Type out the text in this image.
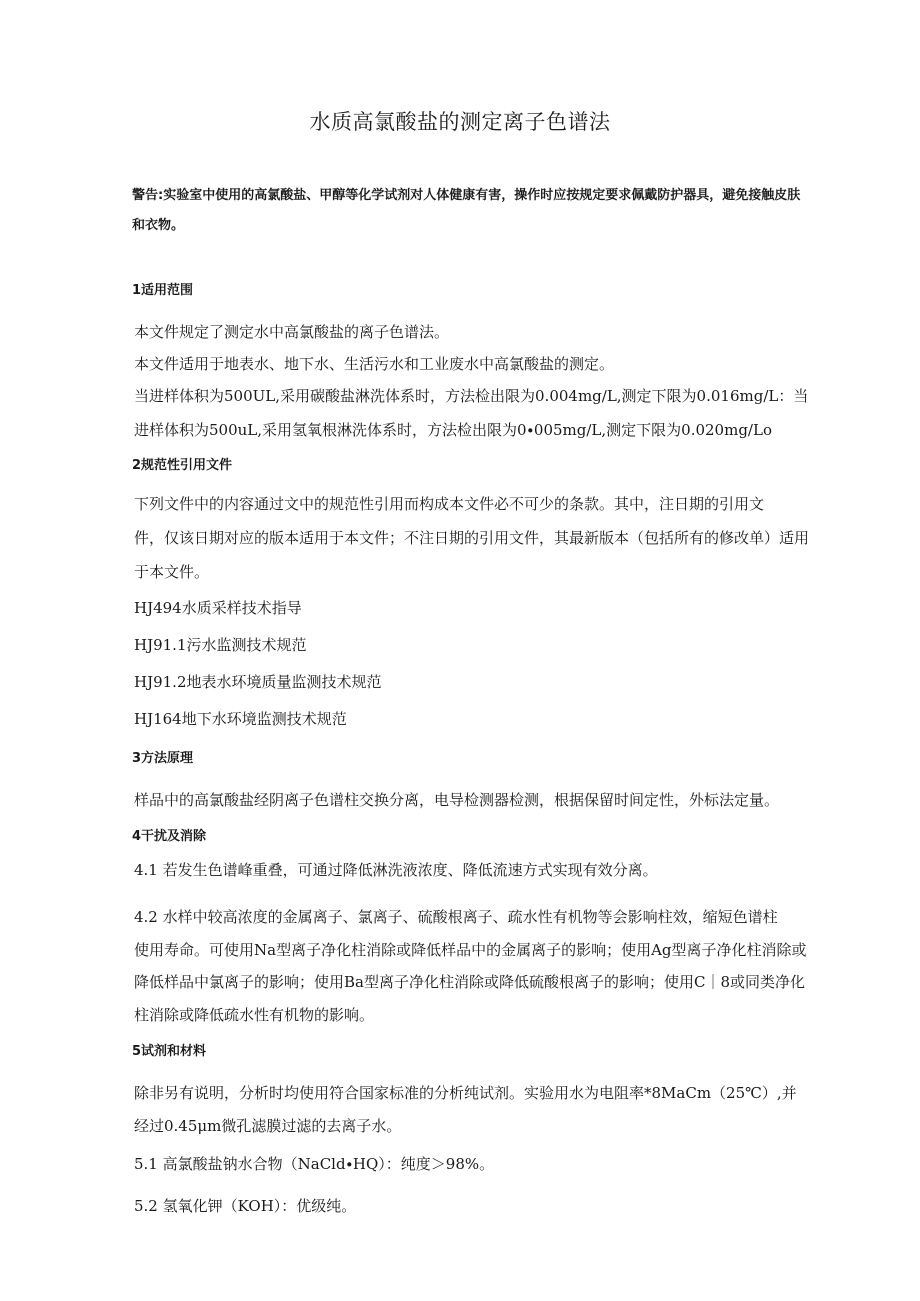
水质高氯酸盐的测定离子色谱法
警告:实验室中使用的高氯酸盐、甲醇等化学试剂对人体健康有害，操作时应按规定要求佩戴防护器具，避免接触皮肤和衣物。
1适用范围
本文件规定了测定水中高氯酸盐的离子色谱法。
本文件适用于地表水、地下水、生活污水和工业废水中高氯酸盐的测定。
当进样体积为500UL,采用碳酸盐淋洗体系时，方法检出限为0.004mg∕L,测定下限为0.016mg/L：当
进样体积为500uL,采用氢氧根淋洗体系时，方法检出限为0∙005mg∕L,测定下限为0.020mg/Lo
2规范性引用文件
下列文件中的内容通过文中的规范性引用而构成本文件必不可少的条款。其中，注日期的引用文
件，仅该日期对应的版本适用于本文件；不注日期的引用文件，其最新版本（包括所有的修改单）适用
于本文件。
HJ494水质采样技术指导
HJ91.1污水监测技术规范
HJ91.2地表水环境质量监测技术规范
HJ164地下水环境监测技术规范
3方法原理
样品中的高氯酸盐经阴离子色谱柱交换分离，电导检测器检测，根据保留时间定性，外标法定量。
4干扰及消除
4.1 若发生色谱峰重叠，可通过降低淋洗液浓度、降低流速方式实现有效分离。
4.2 水样中较高浓度的金属离子、氯离子、硫酸根离子、疏水性有机物等会影响柱效，缩短色谱柱
使用寿命。可使用Na型离子净化柱消除或降低样品中的金属离子的影响；使用Ag型离子净化柱消除或
降低样品中氯离子的影响；使用Ba型离子净化柱消除或降低硫酸根离子的影响；使用C｜8或同类净化
柱消除或降低疏水性有机物的影响。
5试剂和材料
除非另有说明，分析时均使用符合国家标准的分析纯试剂。实验用水为电阻率*8MaCm（25℃）,并
经过0.45μm微孔滤膜过滤的去离子水。
5.1 高氯酸盐钠水合物（NaCld∙HQ）：纯度＞98%。
5.2 氢氧化钾（KOH）：优级纯。
